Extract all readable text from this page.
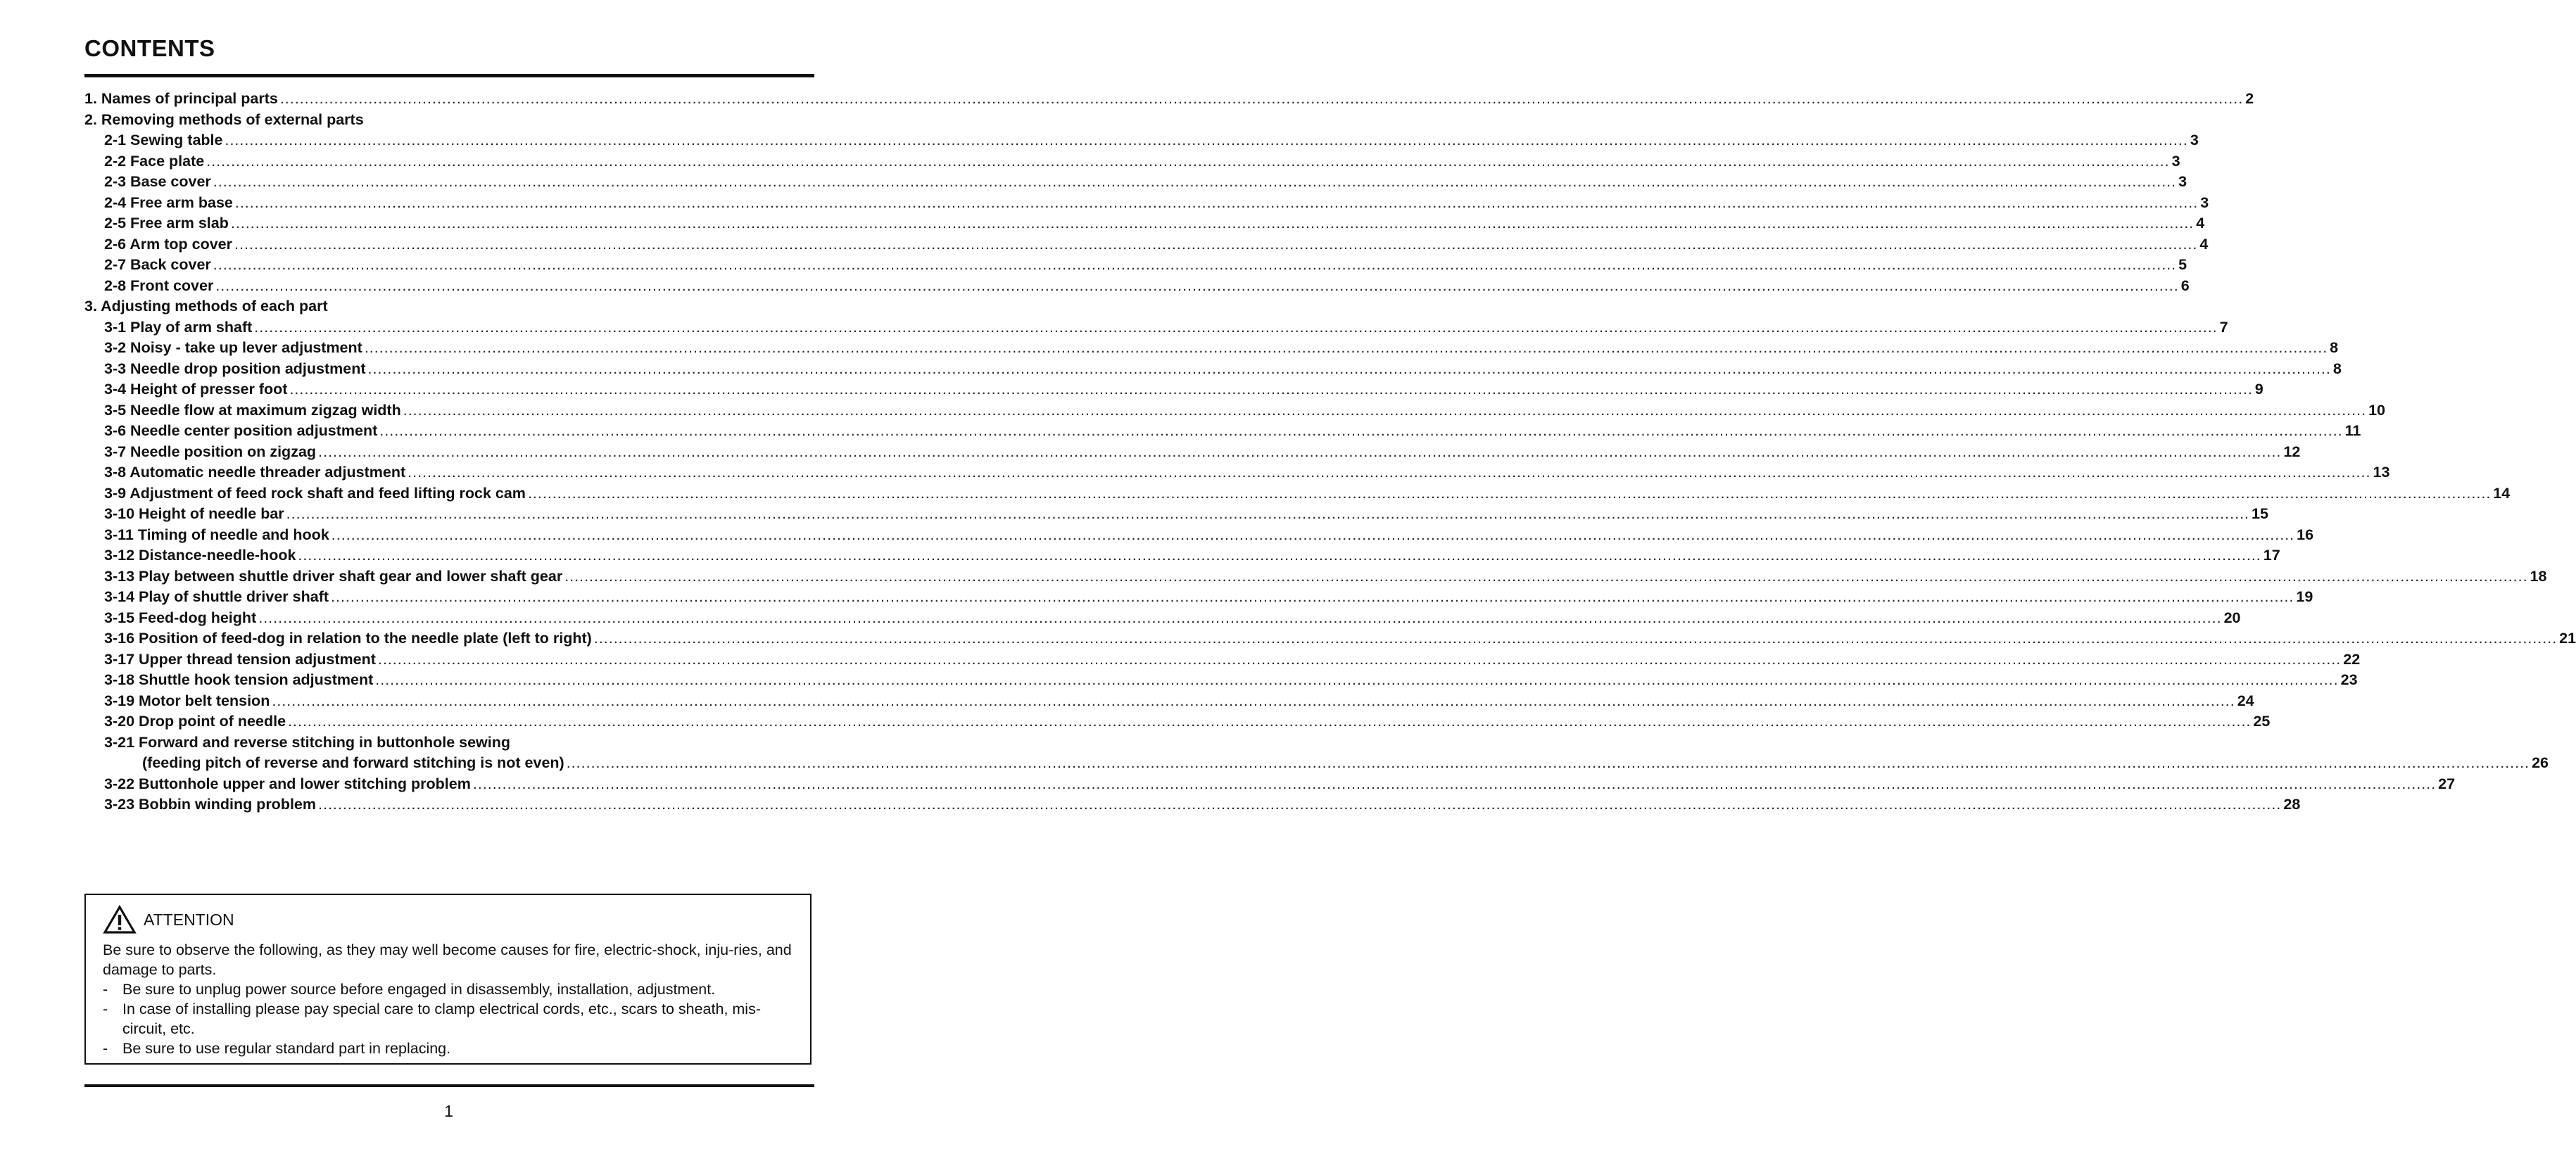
CONTENTS
1. Names of principal parts ................................................................................................................................................................................................................................................................................................................................................................................................................ 2
2. Removing methods of external parts
2-1 Sewing table ................................................................................................................................................................................................................................................................................................................................................................................................................ 3
2-2 Face plate ................................................................................................................................................................................................................................................................................................................................................................................................................ 3
2-3 Base cover ................................................................................................................................................................................................................................................................................................................................................................................................................ 3
2-4 Free arm base ................................................................................................................................................................................................................................................................................................................................................................................................................ 3
2-5 Free arm slab ................................................................................................................................................................................................................................................................................................................................................................................................................ 4
2-6 Arm top cover ................................................................................................................................................................................................................................................................................................................................................................................................................ 4
2-7 Back cover ................................................................................................................................................................................................................................................................................................................................................................................................................ 5
2-8 Front cover ................................................................................................................................................................................................................................................................................................................................................................................................................ 6
3. Adjusting methods of each part
3-1 Play of arm shaft ................................................................................................................................................................................................................................................................................................................................................................................................................ 7
3-2 Noisy - take up lever adjustment ................................................................................................................................................................................................................................................................................................................................................................................................................ 8
3-3 Needle drop position adjustment ................................................................................................................................................................................................................................................................................................................................................................................................................ 8
3-4 Height of presser foot ................................................................................................................................................................................................................................................................................................................................................................................................................ 9
3-5 Needle flow at maximum zigzag width ................................................................................................................................................................................................................................................................................................................................................................................................................ 10
3-6 Needle center position adjustment ................................................................................................................................................................................................................................................................................................................................................................................................................ 11
3-7 Needle position on zigzag ................................................................................................................................................................................................................................................................................................................................................................................................................ 12
3-8 Automatic needle threader adjustment ................................................................................................................................................................................................................................................................................................................................................................................................................ 13
3-9 Adjustment of feed rock shaft and feed lifting rock cam ................................................................................................................................................................................................................................................................................................................................................................................................................ 14
3-10 Height of needle bar ................................................................................................................................................................................................................................................................................................................................................................................................................ 15
3-11 Timing of needle and hook ................................................................................................................................................................................................................................................................................................................................................................................................................ 16
3-12 Distance-needle-hook ................................................................................................................................................................................................................................................................................................................................................................................................................ 17
3-13 Play between shuttle driver shaft gear and lower shaft gear ................................................................................................................................................................................................................................................................................................................................................................................................................ 18
3-14 Play of shuttle driver shaft ................................................................................................................................................................................................................................................................................................................................................................................................................ 19
3-15 Feed-dog height ................................................................................................................................................................................................................................................................................................................................................................................................................ 20
3-16 Position of feed-dog in relation to the needle plate (left to right) ................................................................................................................................................................................................................................................................................................................................................................................................................ 21
3-17 Upper thread tension adjustment ................................................................................................................................................................................................................................................................................................................................................................................................................ 22
3-18 Shuttle hook tension adjustment ................................................................................................................................................................................................................................................................................................................................................................................................................ 23
3-19 Motor belt tension ................................................................................................................................................................................................................................................................................................................................................................................................................ 24
3-20 Drop point of needle ................................................................................................................................................................................................................................................................................................................................................................................................................ 25
3-21 Forward and reverse stitching in buttonhole sewing
(feeding pitch of reverse and forward stitching is not even) ................................................................................................................................................................................................................................................................................................................................................................................................................ 26
3-22 Buttonhole upper and lower stitching problem ................................................................................................................................................................................................................................................................................................................................................................................................................ 27
3-23 Bobbin winding problem ................................................................................................................................................................................................................................................................................................................................................................................................................ 28
ATTENTION

Be sure to observe the following, as they may well become causes for fire, electric-shock, inju-ries, and damage to parts.

- Be sure to unplug power source before engaged in disassembly, installation, adjustment.
- In case of installing please pay special care to clamp electrical cords, etc., scars to sheath, mis-circuit, etc.
- Be sure to use regular standard part in replacing.
1
